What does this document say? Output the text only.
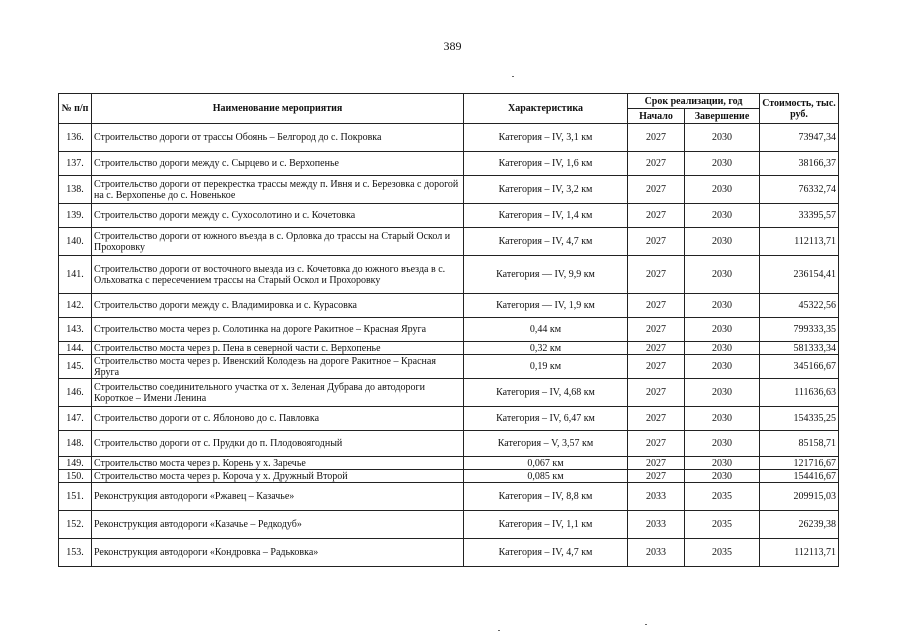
389
№ п/п	Наименование мероприятия	Характеристика	Срок реализации, год		Стоимость, тыс. руб.
			Начало	Завершение	
136.	Строительство дороги от трассы Обоянь – Белгород до с. Покровка	Категория – IV, 3,1 км	2027	2030	73947,34
137.	Строительство дороги между с. Сырцево и с. Верхопенье	Категория – IV, 1,6 км	2027	2030	38166,37
138.	Строительство дороги от перекрестка трассы между п. Ивня и с. Березовка с дорогой на с. Верхопенье до с. Новенькое	Категория – IV, 3,2 км	2027	2030	76332,74
139.	Строительство дороги между с. Сухосолотино и с. Кочетовка	Категория – IV, 1,4 км	2027	2030	33395,57
140.	Строительство дороги от южного въезда в с. Орловка до трассы на Старый Оскол и Прохоровку	Категория – IV, 4,7 км	2027	2030	112113,71
141.	Строительство дороги от восточного выезда из с. Кочетовка до южного въезда в с. Ольховатка с пересечением трассы на Старый Оскол и Прохоровку	Категория — IV, 9,9 км	2027	2030	236154,41
142.	Строительство дороги между с. Владимировка и с. Курасовка	Категория — IV, 1,9 км	2027	2030	45322,56
143.	Строительство моста через р. Солотинка на дороге Ракитное – Красная Яруга	0,44 км	2027	2030	799333,35
144.	Строительство моста через р. Пена в северной части с. Верхопенье	0,32 км	2027	2030	581333,34
145.	Строительство моста через р. Ивенский Колодезь на дороге Ракитное – Красная Яруга	0,19 км	2027	2030	345166,67
146.	Строительство соединительного участка от х. Зеленая Дубрава до автодороги Короткое – Имени Ленина	Категория – IV, 4,68 км	2027	2030	111636,63
147.	Строительство дороги от с. Яблоново до с. Павловка	Категория – IV, 6,47 км	2027	2030	154335,25
148.	Строительство дороги от с. Прудки до п. Плодовоягодный	Категория – V, 3,57 км	2027	2030	85158,71
149.	Строительство моста через р. Корень у х. Заречье	0,067 км	2027	2030	121716,67
150.	Строительство моста через р. Короча у х. Дружный Второй	0,085 км	2027	2030	154416,67
151.	Реконструкция автодороги «Ржавец – Казачье»	Категория – IV, 8,8 км	2033	2035	209915,03
152.	Реконструкция автодороги «Казачье – Редкодуб»	Категория – IV, 1,1 км	2033	2035	26239,38
153.	Реконструкция автодороги «Кондровка – Радьковка»	Категория – IV, 4,7 км	2033	2035	112113,71
